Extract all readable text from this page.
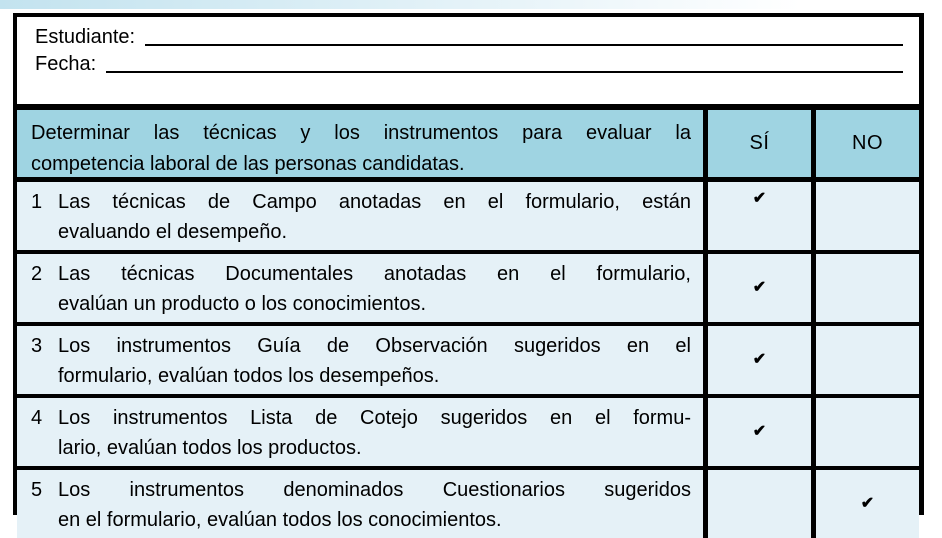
Estudiante:
Fecha:
Determinar las técnicas y los instrumentos para evaluar la
competencia laboral de las personas candidatas.
SÍ	NO
1 Las técnicas de Campo anotadas en el formulario, están
evaluando el desempeño.
✔
2 Las técnicas Documentales anotadas en el formulario,
evalúan un producto o los conocimientos.
✔
3 Los instrumentos Guía de Observación sugeridos en el
formulario, evalúan todos los desempeños.
✔
4 Los instrumentos Lista de Cotejo sugeridos en el formu-
lario, evalúan todos los productos.
✔
5 Los instrumentos denominados Cuestionarios sugeridos
en el formulario, evalúan todos los conocimientos.
✔
